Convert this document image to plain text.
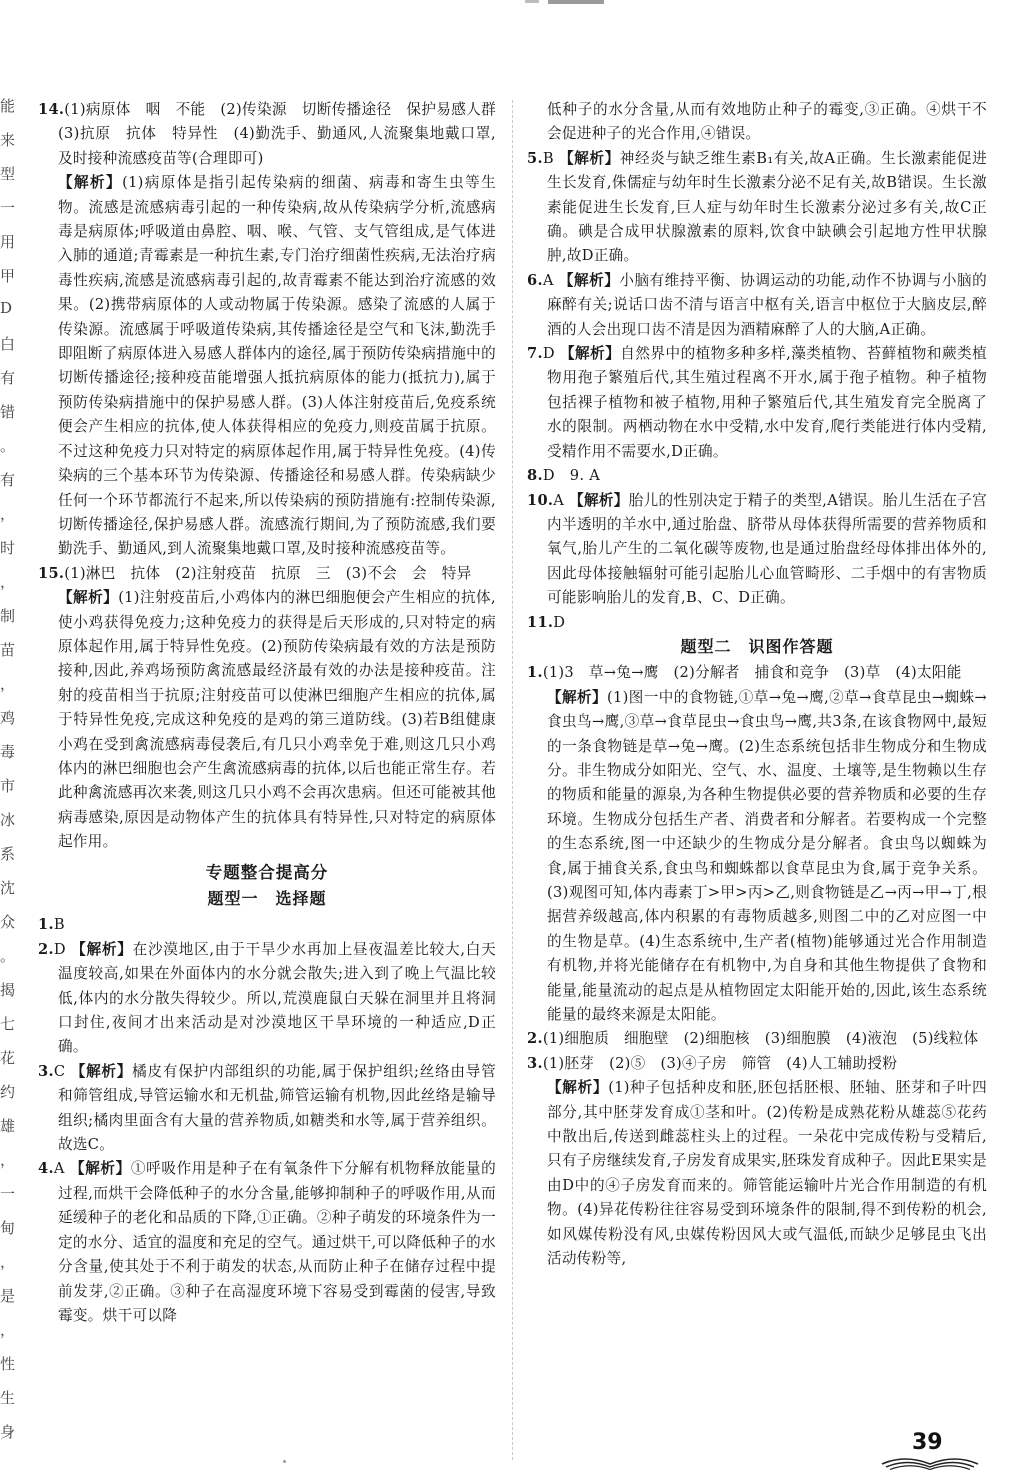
能
来
型
一
用
甲
D
白
有
错
。
有
，
时
，
制
苗
，
鸡
毒
市
冰
系
沈
众
。
揭
七
花
约
雄
，
一
甸
，
是
，
性
生
身

14.(1)病原体　咽　不能　(2)传染源　切断传播途径　保护易感人群　(3)抗原　抗体　特异性　(4)勤洗手、勤通风,人流聚集地戴口罩,及时接种流感疫苗等(合理即可)

【解析】(1)病原体是指引起传染病的细菌、病毒和寄生虫等生物。流感是流感病毒引起的一种传染病,故从传染病学分析,流感病毒是病原体;呼吸道由鼻腔、咽、喉、气管、支气管组成,是气体进入肺的通道;青霉素是一种抗生素,专门治疗细菌性疾病,无法治疗病毒性疾病,流感是流感病毒引起的,故青霉素不能达到治疗流感的效果。(2)携带病原体的人或动物属于传染源。感染了流感的人属于传染源。流感属于呼吸道传染病,其传播途径是空气和飞沫,勤洗手即阻断了病原体进入易感人群体内的途径,属于预防传染病措施中的切断传播途径;接种疫苗能增强人抵抗病原体的能力(抵抗力),属于预防传染病措施中的保护易感人群。(3)人体注射疫苗后,免疫系统便会产生相应的抗体,使人体获得相应的免疫力,则疫苗属于抗原。不过这种免疫力只对特定的病原体起作用,属于特异性免疫。(4)传染病的三个基本环节为传染源、传播途径和易感人群。传染病缺少任何一个环节都流行不起来,所以传染病的预防措施有:控制传染源,切断传播途径,保护易感人群。流感流行期间,为了预防流感,我们要勤洗手、勤通风,到人流聚集地戴口罩,及时接种流感疫苗等。

15.(1)淋巴　抗体　(2)注射疫苗　抗原　三　(3)不会　会　特异

【解析】(1)注射疫苗后,小鸡体内的淋巴细胞便会产生相应的抗体,使小鸡获得免疫力;这种免疫力的获得是后天形成的,只对特定的病原体起作用,属于特异性免疫。(2)预防传染病最有效的方法是预防接种,因此,养鸡场预防禽流感最经济最有效的办法是接种疫苗。注射的疫苗相当于抗原;注射疫苗可以使淋巴细胞产生相应的抗体,属于特异性免疫,完成这种免疫的是鸡的第三道防线。(3)若B组健康小鸡在受到禽流感病毒侵袭后,有几只小鸡幸免于难,则这几只小鸡体内的淋巴细胞也会产生禽流感病毒的抗体,以后也能正常生存。若此种禽流感再次来袭,则这几只小鸡不会再次患病。但还可能被其他病毒感染,原因是动物体产生的抗体具有特异性,只对特定的病原体起作用。

专题整合提高分
题型一　选择题

1.B

2.D 【解析】在沙漠地区,由于干旱少水再加上昼夜温差比较大,白天温度较高,如果在外面体内的水分就会散失;进入到了晚上气温比较低,体内的水分散失得较少。所以,荒漠鹿鼠白天躲在洞里并且将洞口封住,夜间才出来活动是对沙漠地区干旱环境的一种适应,D正确。

3.C 【解析】橘皮有保护内部组织的功能,属于保护组织;丝络由导管和筛管组成,导管运输水和无机盐,筛管运输有机物,因此丝络是输导组织;橘肉里面含有大量的营养物质,如糖类和水等,属于营养组织。故选C。

4.A 【解析】①呼吸作用是种子在有氧条件下分解有机物释放能量的过程,而烘干会降低种子的水分含量,能够抑制种子的呼吸作用,从而延缓种子的老化和品质的下降,①正确。②种子萌发的环境条件为一定的水分、适宜的温度和充足的空气。通过烘干,可以降低种子的水分含量,使其处于不利于萌发的状态,从而防止种子在储存过程中提前发芽,②正确。③种子在高湿度环境下容易受到霉菌的侵害,导致霉变。烘干可以降

低种子的水分含量,从而有效地防止种子的霉变,③正确。④烘干不会促进种子的光合作用,④错误。

5.B 【解析】神经炎与缺乏维生素B₁有关,故A正确。生长激素能促进生长发育,侏儒症与幼年时生长激素分泌不足有关,故B错误。生长激素能促进生长发育,巨人症与幼年时生长激素分泌过多有关,故C正确。碘是合成甲状腺激素的原料,饮食中缺碘会引起地方性甲状腺肿,故D正确。

6.A 【解析】小脑有维持平衡、协调运动的功能,动作不协调与小脑的麻醉有关;说话口齿不清与语言中枢有关,语言中枢位于大脑皮层,醉酒的人会出现口齿不清是因为酒精麻醉了人的大脑,A正确。

7.D 【解析】自然界中的植物多种多样,藻类植物、苔藓植物和蕨类植物用孢子繁殖后代,其生殖过程离不开水,属于孢子植物。种子植物包括裸子植物和被子植物,用种子繁殖后代,其生殖发育完全脱离了水的限制。两栖动物在水中受精,水中发育,爬行类能进行体内受精,受精作用不需要水,D正确。

8.D　9. A

10.A 【解析】胎儿的性别决定于精子的类型,A错误。胎儿生活在子宫内半透明的羊水中,通过胎盘、脐带从母体获得所需要的营养物质和氧气,胎儿产生的二氧化碳等废物,也是通过胎盘经母体排出体外的,因此母体接触辐射可能引起胎儿心血管畸形、二手烟中的有害物质可能影响胎儿的发育,B、C、D正确。

11.D

题型二　识图作答题

1.(1)3　草→兔→鹰　(2)分解者　捕食和竞争　(3)草　(4)太阳能

【解析】(1)图一中的食物链,①草→兔→鹰,②草→食草昆虫→蜘蛛→食虫鸟→鹰,③草→食草昆虫→食虫鸟→鹰,共3条,在该食物网中,最短的一条食物链是草→兔→鹰。(2)生态系统包括非生物成分和生物成分。非生物成分如阳光、空气、水、温度、土壤等,是生物赖以生存的物质和能量的源泉,为各种生物提供必要的营养物质和必要的生存环境。生物成分包括生产者、消费者和分解者。若要构成一个完整的生态系统,图一中还缺少的生物成分是分解者。食虫鸟以蜘蛛为食,属于捕食关系,食虫鸟和蜘蛛都以食草昆虫为食,属于竞争关系。(3)观图可知,体内毒素丁>甲>丙>乙,则食物链是乙→丙→甲→丁,根据营养级越高,体内积累的有毒物质越多,则图二中的乙对应图一中的生物是草。(4)生态系统中,生产者(植物)能够通过光合作用制造有机物,并将光能储存在有机物中,为自身和其他生物提供了食物和能量,能量流动的起点是从植物固定太阳能开始的,因此,该生态系统能量的最终来源是太阳能。

2.(1)细胞质　细胞壁　(2)细胞核　(3)细胞膜　(4)液泡　(5)线粒体

3.(1)胚芽　(2)⑤　(3)④子房　筛管　(4)人工辅助授粉

【解析】(1)种子包括种皮和胚,胚包括胚根、胚轴、胚芽和子叶四部分,其中胚芽发育成①茎和叶。(2)传粉是成熟花粉从雄蕊⑤花药中散出后,传送到雌蕊柱头上的过程。一朵花中完成传粉与受精后,只有子房继续发育,子房发育成果实,胚珠发育成种子。因此E果实是由D中的④子房发育而来的。筛管能运输叶片光合作用制造的有机物。(4)异花传粉往往容易受到环境条件的限制,得不到传粉的机会,如风媒传粉没有风,虫媒传粉因风大或气温低,而缺少足够昆虫飞出活动传粉等,

39
